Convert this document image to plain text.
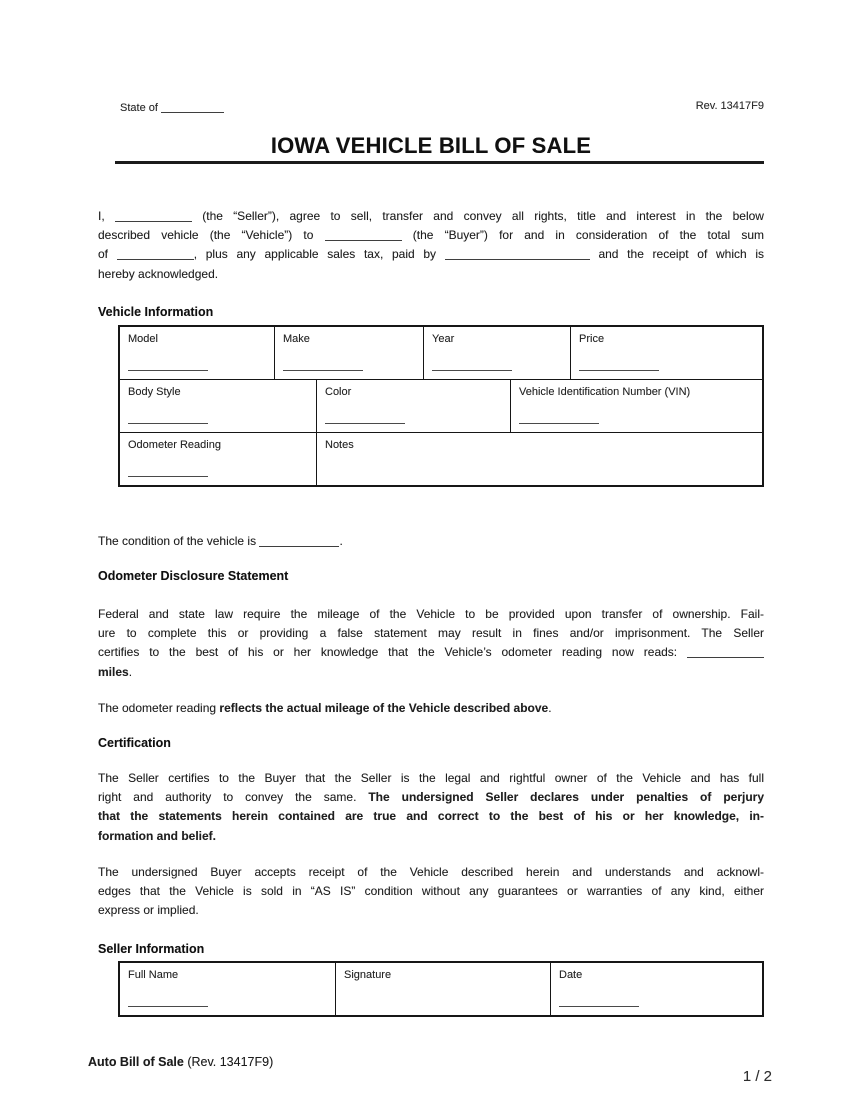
State of	Rev. 13417F9
IOWA VEHICLE BILL OF SALE
I,	(the “Seller”), agree to sell, transfer and convey all rights, title and interest in the below
described vehicle (the “Vehicle”) to	(the “Buyer”) for and in consideration of the total sum
of	, plus any applicable sales tax, paid by	and the receipt of which is
hereby acknowledged.
Vehicle Information
Model	Make	Year	Price
Body Style	Color	Vehicle Identification Number (VIN)
Odometer Reading	Notes
The condition of the vehicle is	.
Odometer Disclosure Statement
Federal and state law require the mileage of the Vehicle to be provided upon transfer of ownership. Fail-
ure to complete this or providing a false statement may result in fines and/or imprisonment. The Seller
certifies to the best of his or her knowledge that the Vehicle’s odometer reading now reads:
miles.
The odometer reading reflects the actual mileage of the Vehicle described above.
Certification
The Seller certifies to the Buyer that the Seller is the legal and rightful owner of the Vehicle and has full
right and authority to convey the same. The undersigned Seller declares under penalties of perjury
that the statements herein contained are true and correct to the best of his or her knowledge, in-
formation and belief.
The undersigned Buyer accepts receipt of the Vehicle described herein and understands and acknowl-
edges that the Vehicle is sold in “AS IS” condition without any guarantees or warranties of any kind, either
express or implied.
Seller Information
Full Name	Signature	Date
Auto Bill of Sale (Rev. 13417F9)
1 / 2
